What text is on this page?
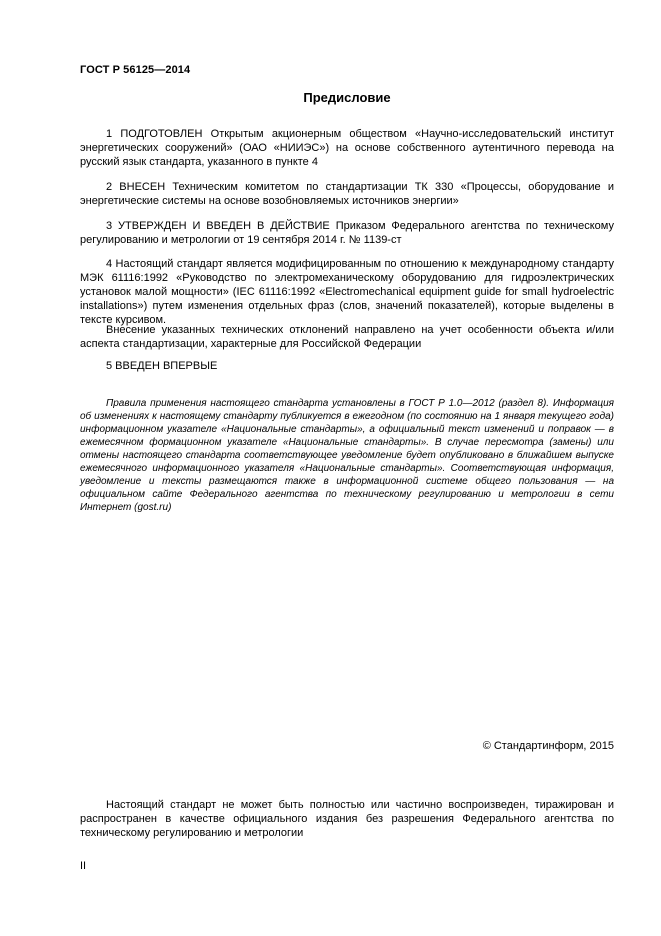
ГОСТ Р 56125—2014
Предисловие

1 ПОДГОТОВЛЕН Открытым акционерным обществом «Научно-исследовательский институт энергетических сооружений» (ОАО «НИИЭС») на основе собственного аутентичного перевода на русский язык стандарта, указанного в пункте 4

2 ВНЕСЕН Техническим комитетом по стандартизации ТК 330 «Процессы, оборудование и энергетические системы на основе возобновляемых источников энергии»

3 УТВЕРЖДЕН И ВВЕДЕН В ДЕЙСТВИЕ Приказом Федерального агентства по техническому регулированию и метрологии от 19 сентября 2014 г. № 1139-ст

4 Настоящий стандарт является модифицированным по отношению к международному стандарту МЭК 61116:1992 «Руководство по электромеханическому оборудованию для гидроэлектрических установок малой мощности» (IEC 61116:1992 «Electromechanical equipment guide for small hydroelectric installations») путем изменения отдельных фраз (слов, значений показателей), которые выделены в тексте курсивом.

Внесение указанных технических отклонений направлено на учет особенности объекта и/или аспекта стандартизации, характерные для Российской Федерации

5 ВВЕДЕН ВПЕРВЫЕ

Правила применения настоящего стандарта установлены в ГОСТ Р 1.0—2012 (раздел 8). Информация об изменениях к настоящему стандарту публикуется в ежегодном (по состоянию на 1 января текущего года) информационном указателе «Национальные стандарты», а официальный текст изменений и поправок — в ежемесячном формационном указателе «Национальные стандарты». В случае пересмотра (замены) или отмены настоящего стандарта соответствующее уведомление будет опубликовано в ближайшем выпуске ежемесячного информационного указателя «Национальные стандарты». Соответствующая информация, уведомление и тексты размещаются также в информационной системе общего пользования — на официальном сайте Федерального агентства по техническому регулированию и метрологии в сети Интернет (gost.ru)

© Стандартинформ, 2015

Настоящий стандарт не может быть полностью или частично воспроизведен, тиражирован и распространен в качестве официального издания без разрешения Федерального агентства по техническому регулированию и метрологии

II
